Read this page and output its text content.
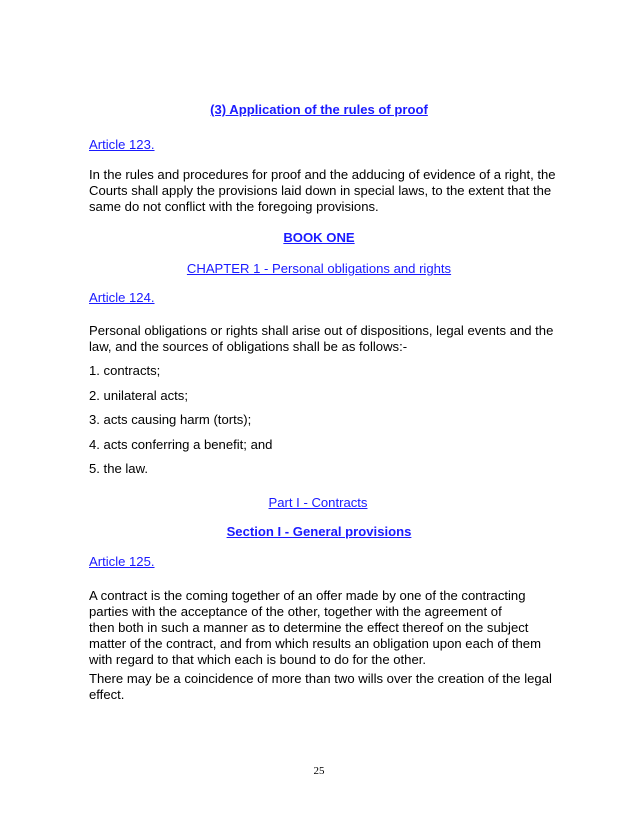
(3) Application of the rules of proof

Article 123.

In the rules and procedures for proof and the adducing of evidence of a right, the
Courts shall apply the provisions laid down in special laws, to the extent that the
same do not conflict with the foregoing provisions.

BOOK ONE

CHAPTER 1 - Personal obligations and rights

Article 124.

Personal obligations or rights shall arise out of dispositions, legal events and the
law, and the sources of obligations shall be as follows:-

1. contracts;

2. unilateral acts;

3. acts causing harm (torts);

4. acts conferring a benefit; and

5. the law.

Part I - Contracts

Section I - General provisions

Article 125.

A contract is the coming together of an offer made by one of the contracting
parties with the acceptance of the other, together with the agreement of
then both in such a manner as to determine the effect thereof on the subject
matter of the contract, and from which results an obligation upon each of them
with regard to that which each is bound to do for the other.

There may be a coincidence of more than two wills over the creation of the legal
effect.

25
